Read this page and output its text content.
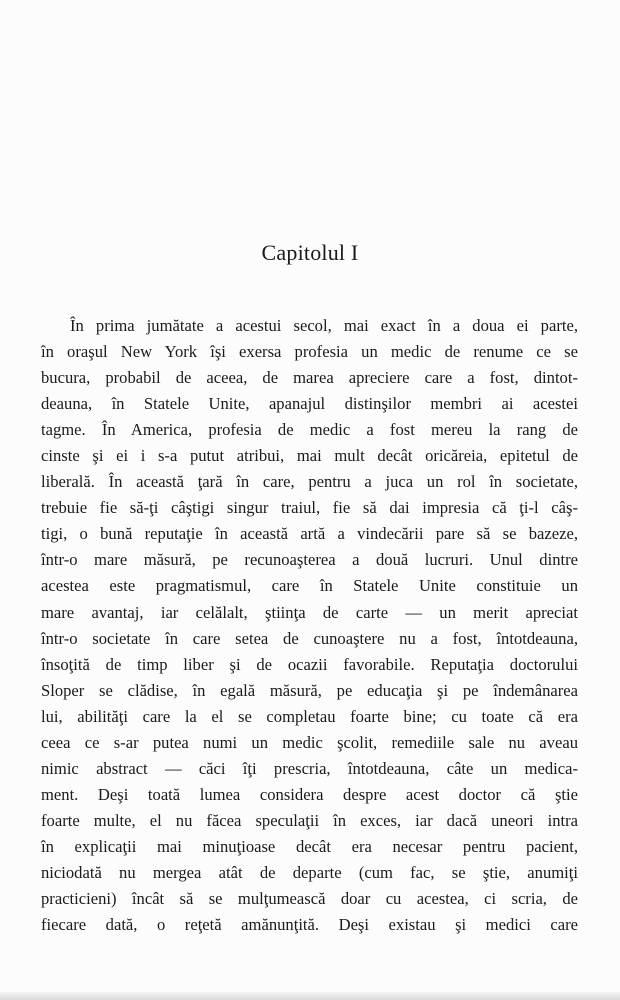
Capitolul I
În prima jumătate a acestui secol, mai exact în a doua ei parte,
în oraşul New York îşi exersa profesia un medic de renume ce se
bucura, probabil de aceea, de marea apreciere care a fost, dintot-
deauna, în Statele Unite, apanajul distinşilor membri ai acestei
tagme. În America, profesia de medic a fost mereu la rang de
cinste şi ei i s-a putut atribui, mai mult decât oricăreia, epitetul de
liberală. În această ţară în care, pentru a juca un rol în societate,
trebuie fie să-ţi câştigi singur traiul, fie să dai impresia că ţi-l câş-
tigi, o bună reputaţie în această artă a vindecării pare să se bazeze,
într-o mare măsură, pe recunoaşterea a două lucruri. Unul dintre
acestea este pragmatismul, care în Statele Unite constituie un
mare avantaj, iar celălalt, ştiinţa de carte — un merit apreciat
într-o societate în care setea de cunoaştere nu a fost, întotdeauna,
însoţită de timp liber şi de ocazii favorabile. Reputaţia doctorului
Sloper se clădise, în egală măsură, pe educaţia şi pe îndemânarea
lui, abilităţi care la el se completau foarte bine; cu toate că era
ceea ce s-ar putea numi un medic şcolit, remediile sale nu aveau
nimic abstract — căci îţi prescria, întotdeauna, câte un medica-
ment. Deşi toată lumea considera despre acest doctor că ştie
foarte multe, el nu făcea speculaţii în exces, iar dacă uneori intra
în explicaţii mai minuţioase decât era necesar pentru pacient,
niciodată nu mergea atât de departe (cum fac, se ştie, anumiţi
practicieni) încât să se mulţumească doar cu acestea, ci scria, de
fiecare dată, o reţetă amănunţită. Deşi existau şi medici care
